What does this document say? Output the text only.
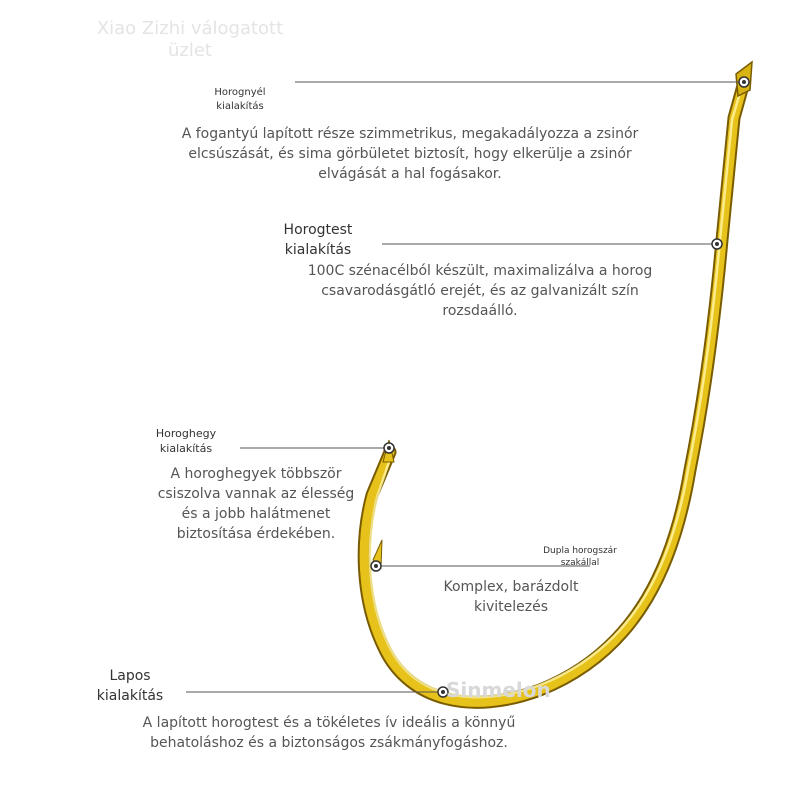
Xiao Zizhi válogatott
üzlet
Sinmelon
Horognyél
kialakítás
A fogantyú lapított része szimmetrikus, megakadályozza a zsinór
elcsúszását, és sima görbületet biztosít, hogy elkerülje a zsinór
elvágását a hal fogásakor.
Horogtest
kialakítás
100C szénacélból készült, maximalizálva a horog
csavarodásgátló erejét, és az galvanizált szín
rozsdaálló.
Horoghegy
kialakítás
A horoghegyek többször
csiszolva vannak az élesség
és a jobb halátmenet
biztosítása érdekében.
Dupla horogszár
szakállal
Komplex, barázdolt
kivitelezés
Lapos
kialakítás
A lapított horogtest és a tökéletes ív ideális a könnyű
behatoláshoz és a biztonságos zsákmányfogáshoz.
